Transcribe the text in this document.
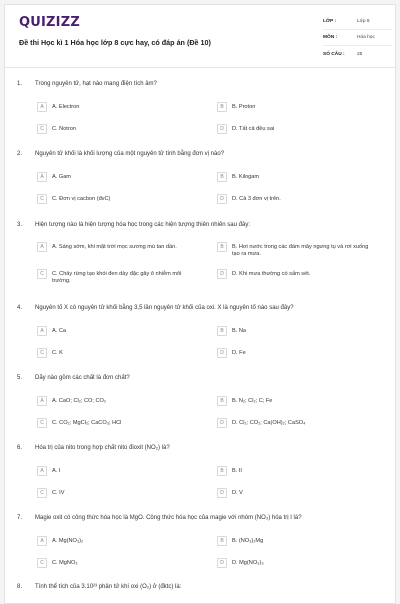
QUIZIZZ
Đề thi Học kì 1 Hóa học lớp 8 cực hay, có đáp án (Đề 10)
LỚP :	Lớp 8
MÔN :	Hóa học
SỐ CÂU :	25
1. Trong nguyên tử, hạt nào mang điện tích âm?
A	A. Electron	B	B. Proton
C	C. Notron	D	D. Tất cả đều sai
2. Nguyên tử khối là khối lượng của một nguyên tử tính bằng đơn vị nào?
A	A. Gam	B	B. Kilogam
C	C. Đơn vị cacbon (đvC)	D	D. Cả 3 đơn vị trên.
3. Hiện tượng nào là hiện tượng hóa học trong các hiện tượng thiên nhiên sau đây:
A	A. Sáng sớm, khi mặt trời mọc sương mù tan dần.	B	B. Hơi nước trong các đám mây ngưng tụ và rơi xuống tạo ra mưa.
C	C. Chảy rừng tạo khói đen dày đặc gây ô nhiễm môi trường.
D	D. Khi mưa thường có sấm sét.
4. Nguyên tố X có nguyên tử khối bằng 3,5 lần nguyên tử khối của oxi. X là nguyên tố nào sau đây?
A	A. Ca	B	B. Na
C	C. K	D	D. Fe
5. Dãy nào gồm các chất là đơn chất?
A	A. CaO; Cl₂; CO; CO₂	B	B. N₂; Cl₂; C; Fe
C	C. CO₂; MgCl₂; CaCO₃; HCl	D	D. Cl₂; CO₂; Ca(OH)₂; CaSO₄
6. Hóa trị của nito trong hợp chất nito đioxit (NO₂) là?
A	A. I	B	B. II
C	C. IV	D	D. V
7. Magie oxit có công thức hóa học là MgO. Công thức hóa học của magie với nhóm (NO₃) hóa trị I là?
A	A. Mg(NO₃)₂	B	B. (NO₃)₂Mg
C	C. MgNO₃	D	D. Mg(NO₃)₃
8. Tính thể tích của 3.10²³ phân tử khí oxi (O₂) ở (đktc) là:
